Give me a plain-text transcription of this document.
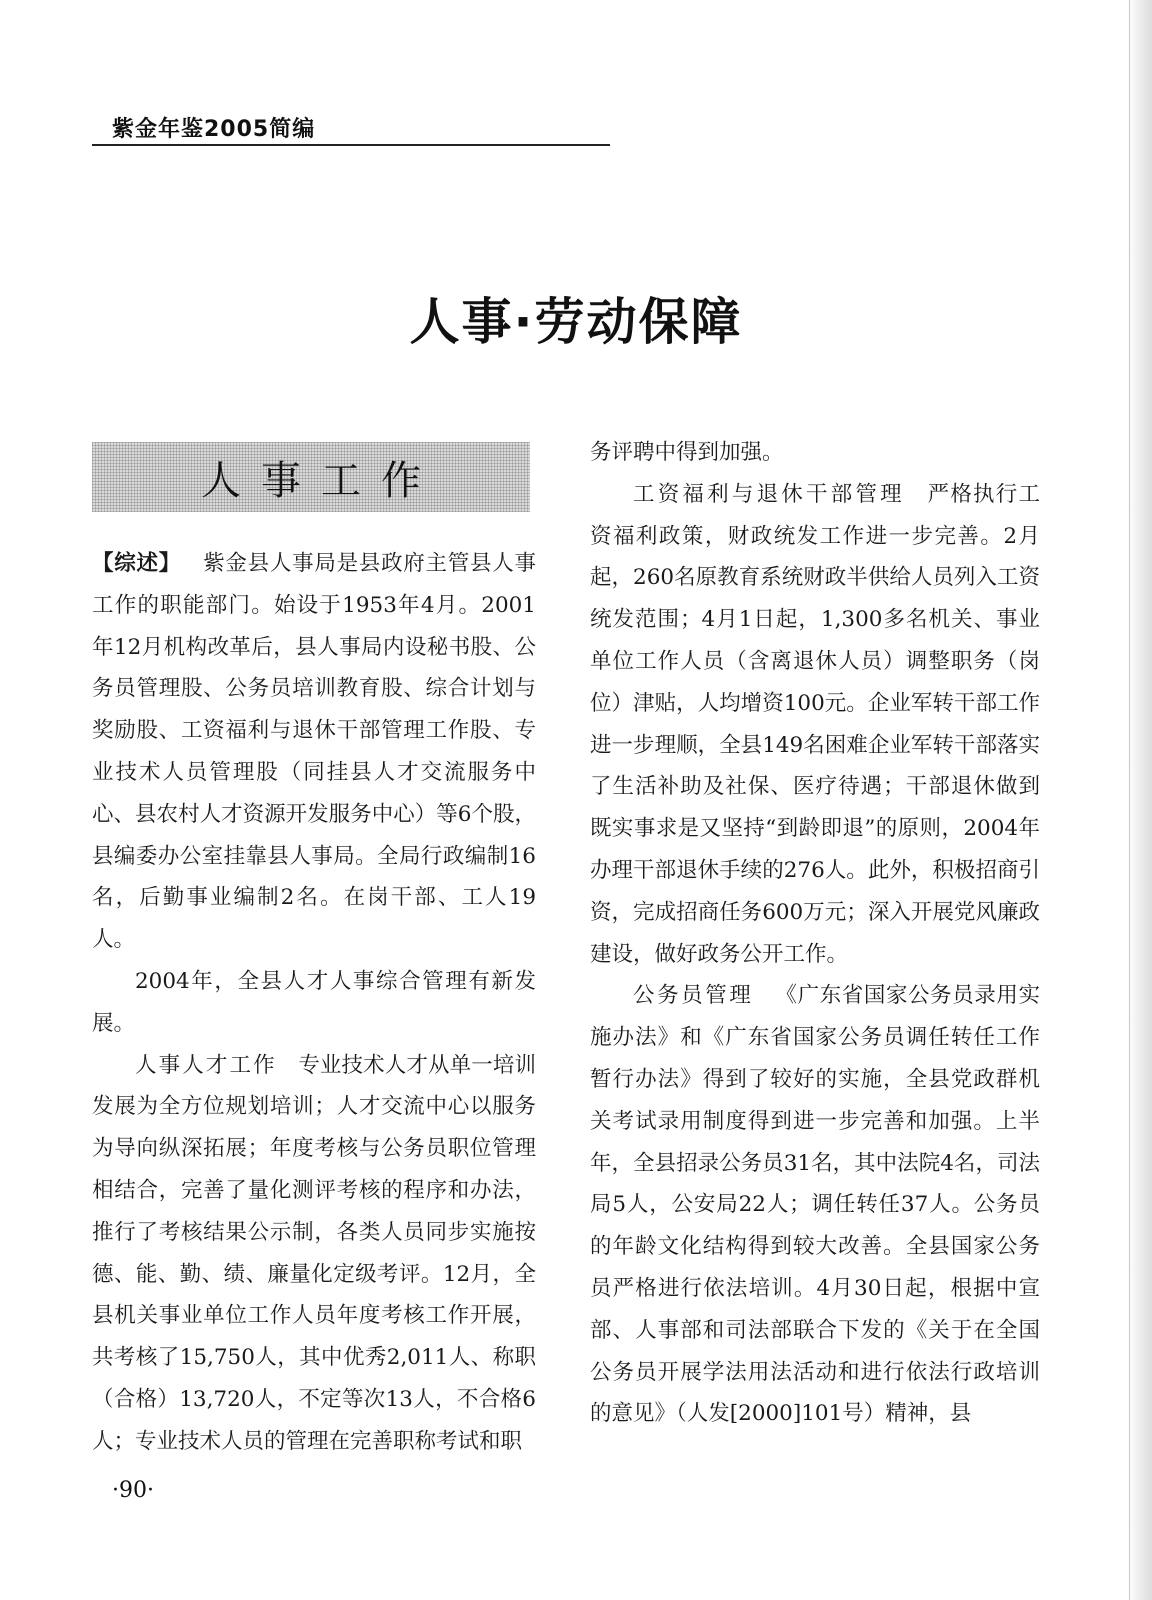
紫金年鉴2005简编
人事·劳动保障
人事工作

【综述】  紫金县人事局是县政府主管县人事工作的职能部门。始设于1953年4月。2001年12月机构改革后，县人事局内设秘书股、公务员管理股、公务员培训教育股、综合计划与奖励股、工资福利与退休干部管理工作股、专业技术人员管理股（同挂县人才交流服务中心、县农村人才资源开发服务中心）等6个股，县编委办公室挂靠县人事局。全局行政编制16名，后勤事业编制2名。在岗干部、工人19人。

2004年，全县人才人事综合管理有新发展。

人事人才工作  专业技术人才从单一培训发展为全方位规划培训；人才交流中心以服务为导向纵深拓展；年度考核与公务员职位管理相结合，完善了量化测评考核的程序和办法，推行了考核结果公示制，各类人员同步实施按德、能、勤、绩、廉量化定级考评。12月，全县机关事业单位工作人员年度考核工作开展，共考核了15,750人，其中优秀2,011人、称职（合格）13,720人，不定等次13人，不合格6人；专业技术人员的管理在完善职称考试和职

务评聘中得到加强。

工资福利与退休干部管理  严格执行工资福利政策，财政统发工作进一步完善。2月起，260名原教育系统财政半供给人员列入工资统发范围；4月1日起，1,300多名机关、事业单位工作人员（含离退休人员）调整职务（岗位）津贴，人均增资100元。企业军转干部工作进一步理顺，全县149名困难企业军转干部落实了生活补助及社保、医疗待遇；干部退休做到既实事求是又坚持“到龄即退”的原则，2004年办理干部退休手续的276人。此外，积极招商引资，完成招商任务600万元；深入开展党风廉政建设，做好政务公开工作。

公务员管理  《广东省国家公务员录用实施办法》和《广东省国家公务员调任转任工作暂行办法》得到了较好的实施，全县党政群机关考试录用制度得到进一步完善和加强。上半年，全县招录公务员31名，其中法院4名，司法局5人，公安局22人；调任转任37人。公务员的年龄文化结构得到较大改善。全县国家公务员严格进行依法培训。4月30日起，根据中宣部、人事部和司法部联合下发的《关于在全国公务员开展学法用法活动和进行依法行政培训的意见》（人发[2000]101号）精神，县

·90·
